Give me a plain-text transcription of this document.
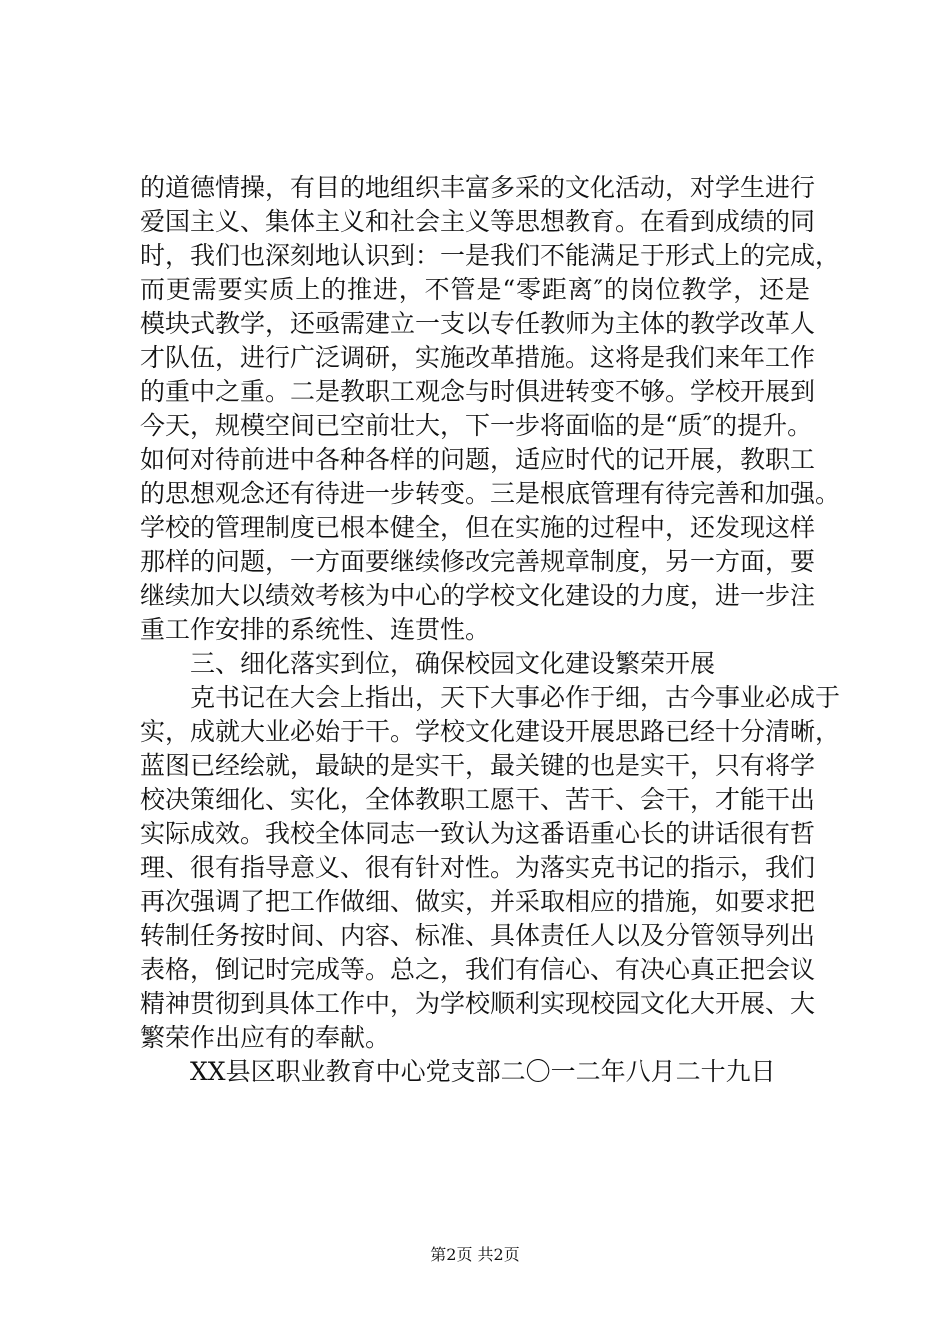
的道德情操，有目的地组织丰富多采的文化活动，对学生进行
爱国主义、集体主义和社会主义等思想教育。在看到成绩的同
时，我们也深刻地认识到：一是我们不能满足于形式上的完成，
而更需要实质上的推进，不管是“零距离″的岗位教学，还是
模块式教学，还亟需建立一支以专任教师为主体的教学改革人
才队伍，进行广泛调研，实施改革措施。这将是我们来年工作
的重中之重。二是教职工观念与时俱进转变不够。学校开展到
今天，规模空间已空前壮大，下一步将面临的是“质″的提升。
如何对待前进中各种各样的问题，适应时代的记开展，教职工
的思想观念还有待进一步转变。三是根底管理有待完善和加强。
学校的管理制度已根本健全，但在实施的过程中，还发现这样
那样的问题，一方面要继续修改完善规章制度，另一方面，要
继续加大以绩效考核为中心的学校文化建设的力度，进一步注
重工作安排的系统性、连贯性。
三、细化落实到位，确保校园文化建设繁荣开展
克书记在大会上指出，天下大事必作于细，古今事业必成于
实，成就大业必始于干。学校文化建设开展思路已经十分清晰，
蓝图已经绘就，最缺的是实干，最关键的也是实干，只有将学
校决策细化、实化，全体教职工愿干、苦干、会干，才能干出
实际成效。我校全体同志一致认为这番语重心长的讲话很有哲
理、很有指导意义、很有针对性。为落实克书记的指示，我们
再次强调了把工作做细、做实，并采取相应的措施，如要求把
转制任务按时间、内容、标准、具体责任人以及分管领导列出
表格，倒记时完成等。总之，我们有信心、有决心真正把会议
精神贯彻到具体工作中，为学校顺利实现校园文化大开展、大
繁荣作出应有的奉献。
XX县区职业教育中心党支部二〇一二年八月二十九日
第2页 共2页
